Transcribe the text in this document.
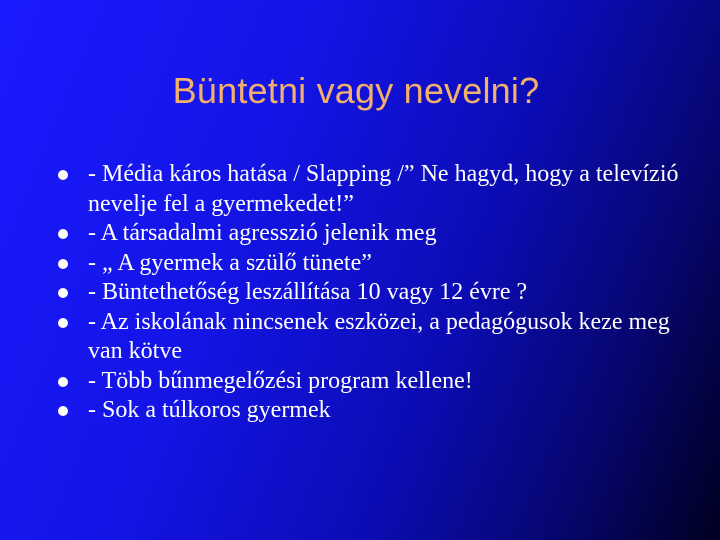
Büntetni vagy nevelni?
- Média káros hatása / Slapping /” Ne hagyd, hogy a televízió nevelje fel a gyermekedet!”
- A társadalmi agresszió jelenik meg
- „ A gyermek a szülő tünete”
- Büntethetőség leszállítása 10 vagy 12 évre ?
- Az iskolának nincsenek eszközei, a pedagógusok keze meg van kötve
- Több bűnmegelőzési program kellene!
- Sok a túlkoros gyermek
